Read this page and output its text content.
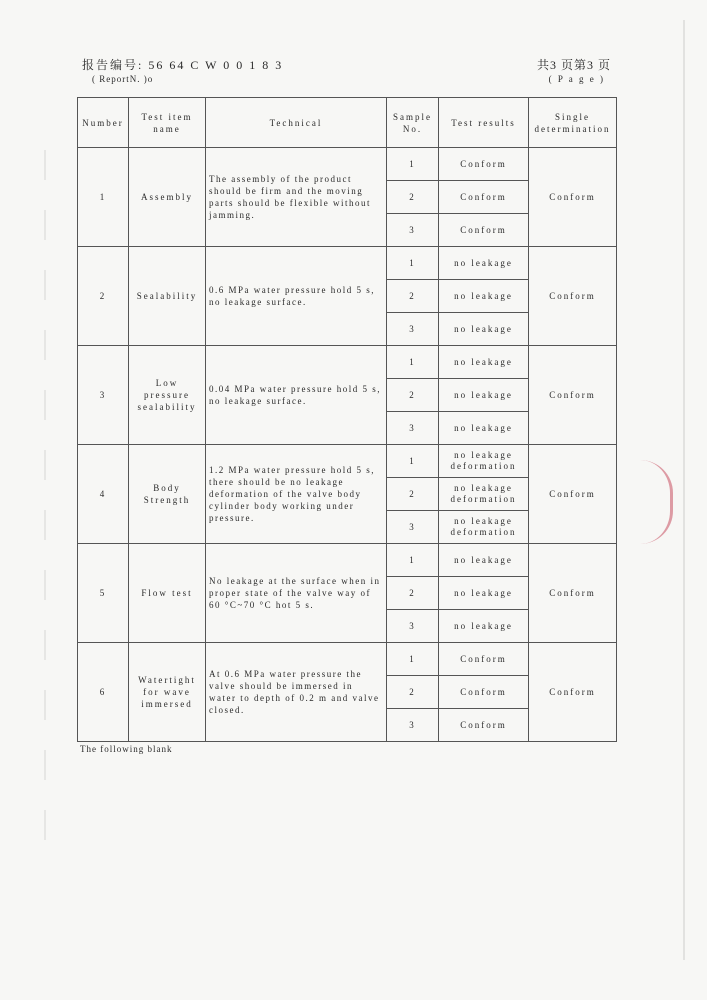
报告编号: 56 64 C W 0 0 1 8 3
( ReportN. )o
共3 页第3 页
( P a g e )
Number	Test item name	Technical	Sample No.	Test results	Single determination
1	Assembly	The assembly of the product should be firm and the moving parts should be flexible without jamming.	1	Conform	Conform
			2	Conform	
			3	Conform	
2	Sealability	0.6 MPa water pressure hold 5 s, no leakage surface.	1	no leakage	Conform
			2	no leakage	
			3	no leakage	
3	Low pressure sealability	0.04 MPa water pressure hold 5 s, no leakage surface.	1	no leakage	Conform
			2	no leakage	
			3	no leakage	
4	Body Strength	1.2 MPa water pressure hold 5 s, there should be no leakage deformation of the valve body cylinder body working under pressure.	1	no leakage deformation	Conform
			2	no leakage deformation	
			3	no leakage deformation	
5	Flow test	No leakage at the surface when in proper state of the valve way of 60 °C~70 °C hot 5 s.	1	no leakage	Conform
			2	no leakage	
			3	no leakage	
6	Watertight for wave immersed	At 0.6 MPa water pressure the valve should be immersed in water to depth of 0.2 m and valve closed.	1	Conform	Conform
			2	Conform	
			3	Conform	
The following blank
